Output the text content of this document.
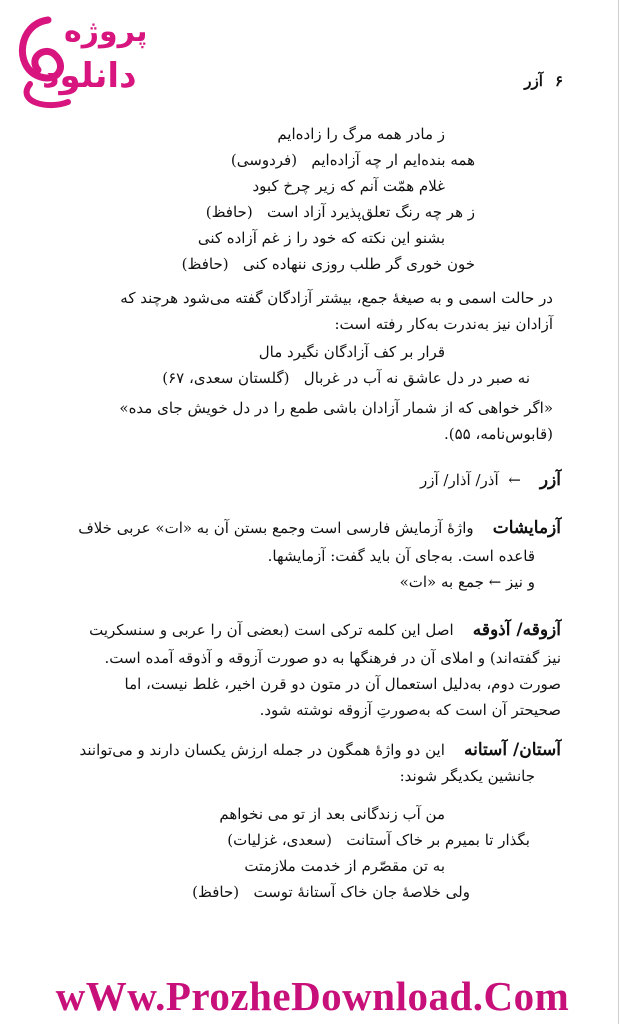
پروژه
دانلود	۶
آزر
ز مادر همه مرگ را زاده‌ایم
همه بنده‌ایم ار چه آزاده‌ایم   (فردوسی)
غلام همّت آنم که زیر چرخ کبود
ز هر چه رنگ تعلق‌پذیرد آزاد است   (حافظ)
بشنو این نکته که خود را ز غم آزاده کنی
خون خوری گر طلب روزی ننهاده کنی   (حافظ)
در حالت اسمی و به صیغهٔ جمع، بیشتر آزادگان گفته می‌شود هرچند که
آزادان نیز به‌ندرت به‌کار رفته است:
قرار بر کف آزادگان نگیرد مال
نه صبر در دل عاشق نه آب در غربال   (گلستان سعدی، ۶۷)
«اگر خواهی که از شمار آزادان باشی طمع را در دل خویش جای مده»
(قابوس‌نامه، ۵۵).
آزر    ←  آذر/ آذار/ آزر
آزمایشات    واژهٔ آزمایش فارسی است وجمع بستن آن به «ات» عربی خلاف
قاعده است. به‌جای آن باید گفت: آزمایشها.
و نیز ← جمع به «ات»
آزوقه/ آذوقه    اصل این کلمه ترکی است (بعضی آن را عربی و سنسکریت
نیز گفته‌اند) و املای آن در فرهنگها به دو صورت آزوقه و آذوقه آمده است.
صورت دوم، به‌دلیل استعمال آن در متون دو قرن اخیر، غلط نیست، اما
صحیحتر آن است که به‌صورتِ آزوقه نوشته شود.
آستان/ آستانه    این دو واژهٔ همگون در جمله ارزش یکسان دارند و می‌توانند
جانشین یکدیگر شوند:
من آب زندگانی بعد از تو می نخواهم
بگذار تا بمیرم بر خاک آستانت   (سعدی، غزلیات)
به تن مقصّرم از خدمت ملازمتت
ولی خلاصهٔ جان خاک آستانهٔ توست   (حافظ)
wWw.ProzheDownload.Com
